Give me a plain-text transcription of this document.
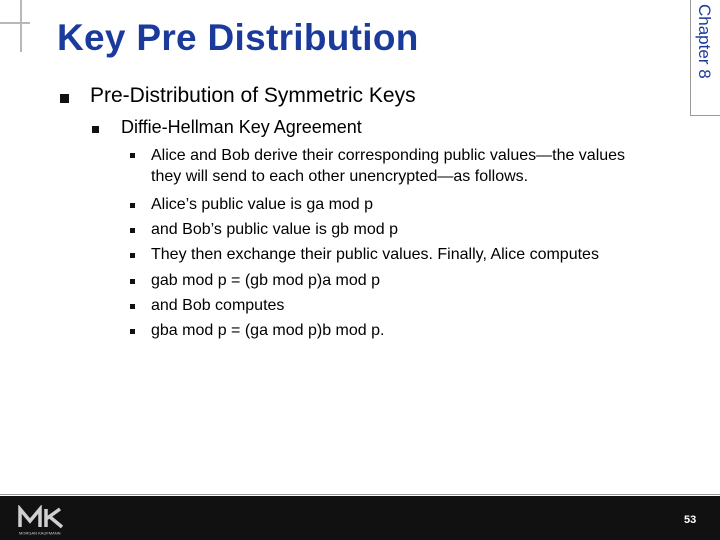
Key Pre Distribution	Chapter 8
Pre-Distribution of Symmetric Keys
Diffie-Hellman Key Agreement
Alice and Bob derive their corresponding public values—the values
they will send to each other unencrypted—as follows.
Alice’s public value is ga mod p
and Bob’s public value is gb mod p
They then exchange their public values. Finally, Alice computes
gab mod p = (gb mod p)a mod p
and Bob computes
gba mod p = (ga mod p)b mod p.
MORGAN KAUFMANN
53
